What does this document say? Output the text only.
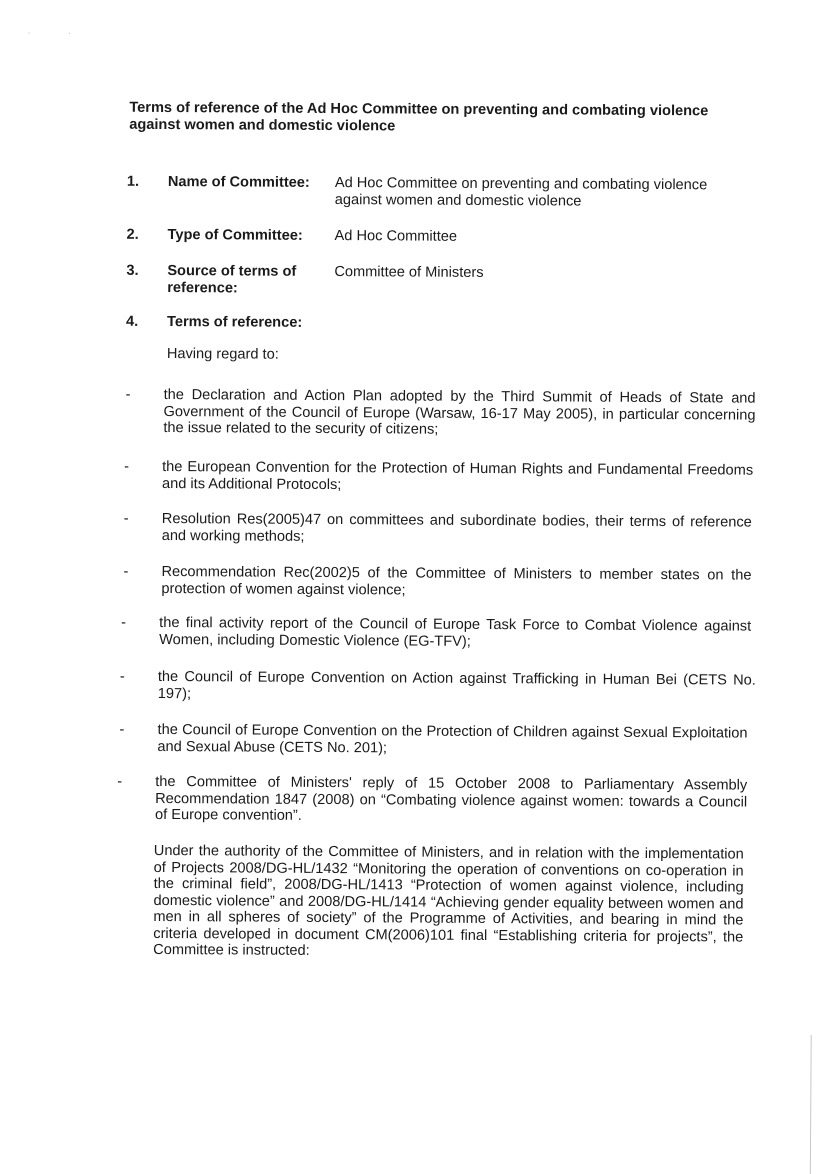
·                 ·
Terms of reference of the Ad Hoc Committee on preventing and combating violence against women and domestic violence
1. Name of Committee:	Ad Hoc Committee on preventing and combating violence against women and domestic violence
2. Type of Committee:	Ad Hoc Committee
3. Source of terms of reference:
Committee of Ministers
4. Terms of reference:
Having regard to:
- the Declaration and Action Plan adopted by the Third Summit of Heads of State and Government of the Council of Europe (Warsaw, 16-17 May 2005), in particular concerning the issue related to the security of citizens;
- the European Convention for the Protection of Human Rights and Fundamental Freedoms and its Additional Protocols;
- Resolution Res(2005)47 on committees and subordinate bodies, their terms of reference and working methods;
- Recommendation Rec(2002)5 of the Committee of Ministers to member states on the protection of women against violence;
- the final activity report of the Council of Europe Task Force to Combat Violence against Women, including Domestic Violence (EG-TFV);
- the Council of Europe Convention on Action against Trafficking in Human Bei (CETS No. 197);
- the Council of Europe Convention on the Protection of Children against Sexual Exploitation and Sexual Abuse (CETS No. 201);
- the Committee of Ministers' reply of 15 October 2008 to Parliamentary Assembly Recommendation 1847 (2008) on “Combating violence against women: towards a Council of Europe convention”.
Under the authority of the Committee of Ministers, and in relation with the implementation of Projects 2008/DG-HL/1432 “Monitoring the operation of conventions on co-operation in the criminal field”, 2008/DG-HL/1413 “Protection of women against violence, including domestic violence” and 2008/DG-HL/1414 “Achieving gender equality between women and men in all spheres of society” of the Programme of Activities, and bearing in mind the criteria developed in document CM(2006)101 final “Establishing criteria for projects”, the Committee is instructed:
